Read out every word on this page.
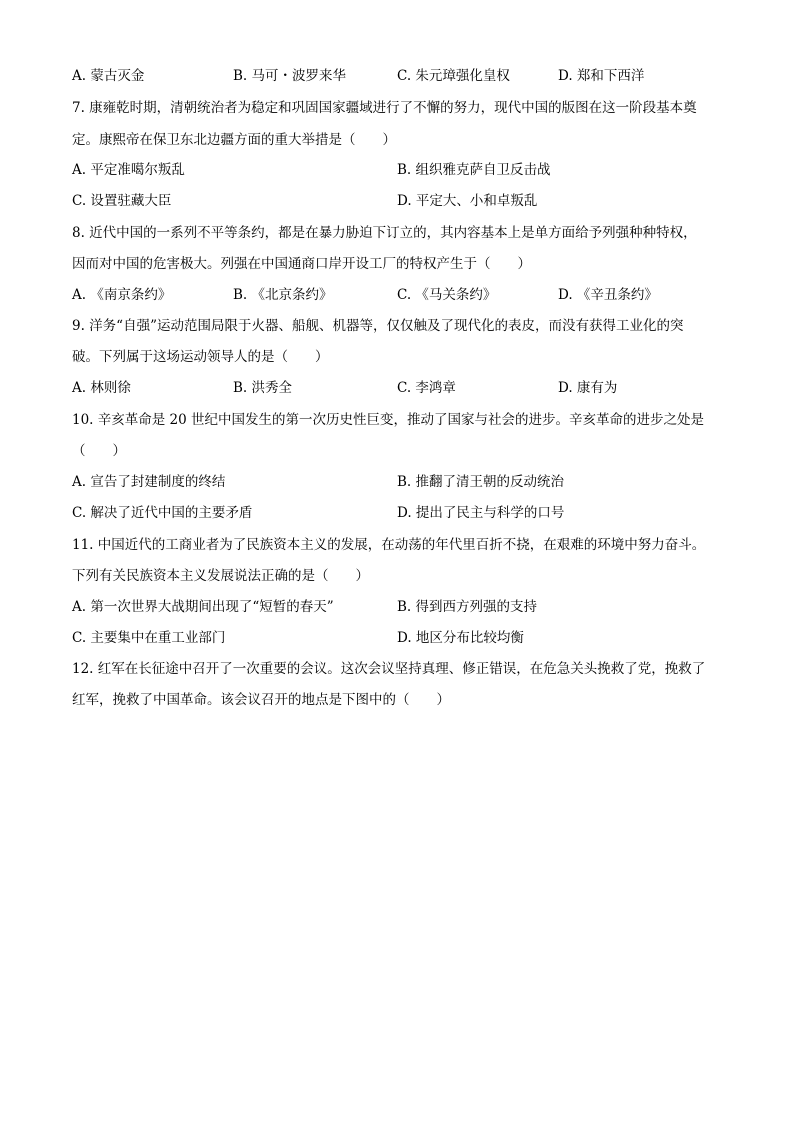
A. 蒙古灭金	B. 马可・波罗来华	C. 朱元璋强化皇权	D. 郑和下西洋
7. 康雍乾时期，清朝统治者为稳定和巩固国家疆域进行了不懈的努力，现代中国的版图在这一阶段基本奠
定。康熙帝在保卫东北边疆方面的重大举措是（　　）
A. 平定准噶尔叛乱	B. 组织雅克萨自卫反击战
C. 设置驻藏大臣	D. 平定大、小和卓叛乱
8. 近代中国的一系列不平等条约，都是在暴力胁迫下订立的，其内容基本上是单方面给予列强种种特权，
因而对中国的危害极大。列强在中国通商口岸开设工厂的特权产生于（　　）
A. 《南京条约》	B. 《北京条约》	C. 《马关条约》	D. 《辛丑条约》
9. 洋务“自强”运动范围局限于火器、船舰、机器等，仅仅触及了现代化的表皮，而没有获得工业化的突
破。下列属于这场运动领导人的是（　　）
A. 林则徐	B. 洪秀全	C. 李鸿章	D. 康有为
10. 辛亥革命是 20 世纪中国发生的第一次历史性巨变，推动了国家与社会的进步。辛亥革命的进步之处是
（　　）
A. 宣告了封建制度的终结	B. 推翻了清王朝的反动统治
C. 解决了近代中国的主要矛盾	D. 提出了民主与科学的口号
11. 中国近代的工商业者为了民族资本主义的发展，在动荡的年代里百折不挠，在艰难的环境中努力奋斗。
下列有关民族资本主义发展说法正确的是（　　）
A. 第一次世界大战期间出现了“短暂的春天”	B. 得到西方列强的支持
C. 主要集中在重工业部门	D. 地区分布比较均衡
12. 红军在长征途中召开了一次重要的会议。这次会议坚持真理、修正错误，在危急关头挽救了党，挽救了
红军，挽救了中国革命。该会议召开的地点是下图中的（　　）
